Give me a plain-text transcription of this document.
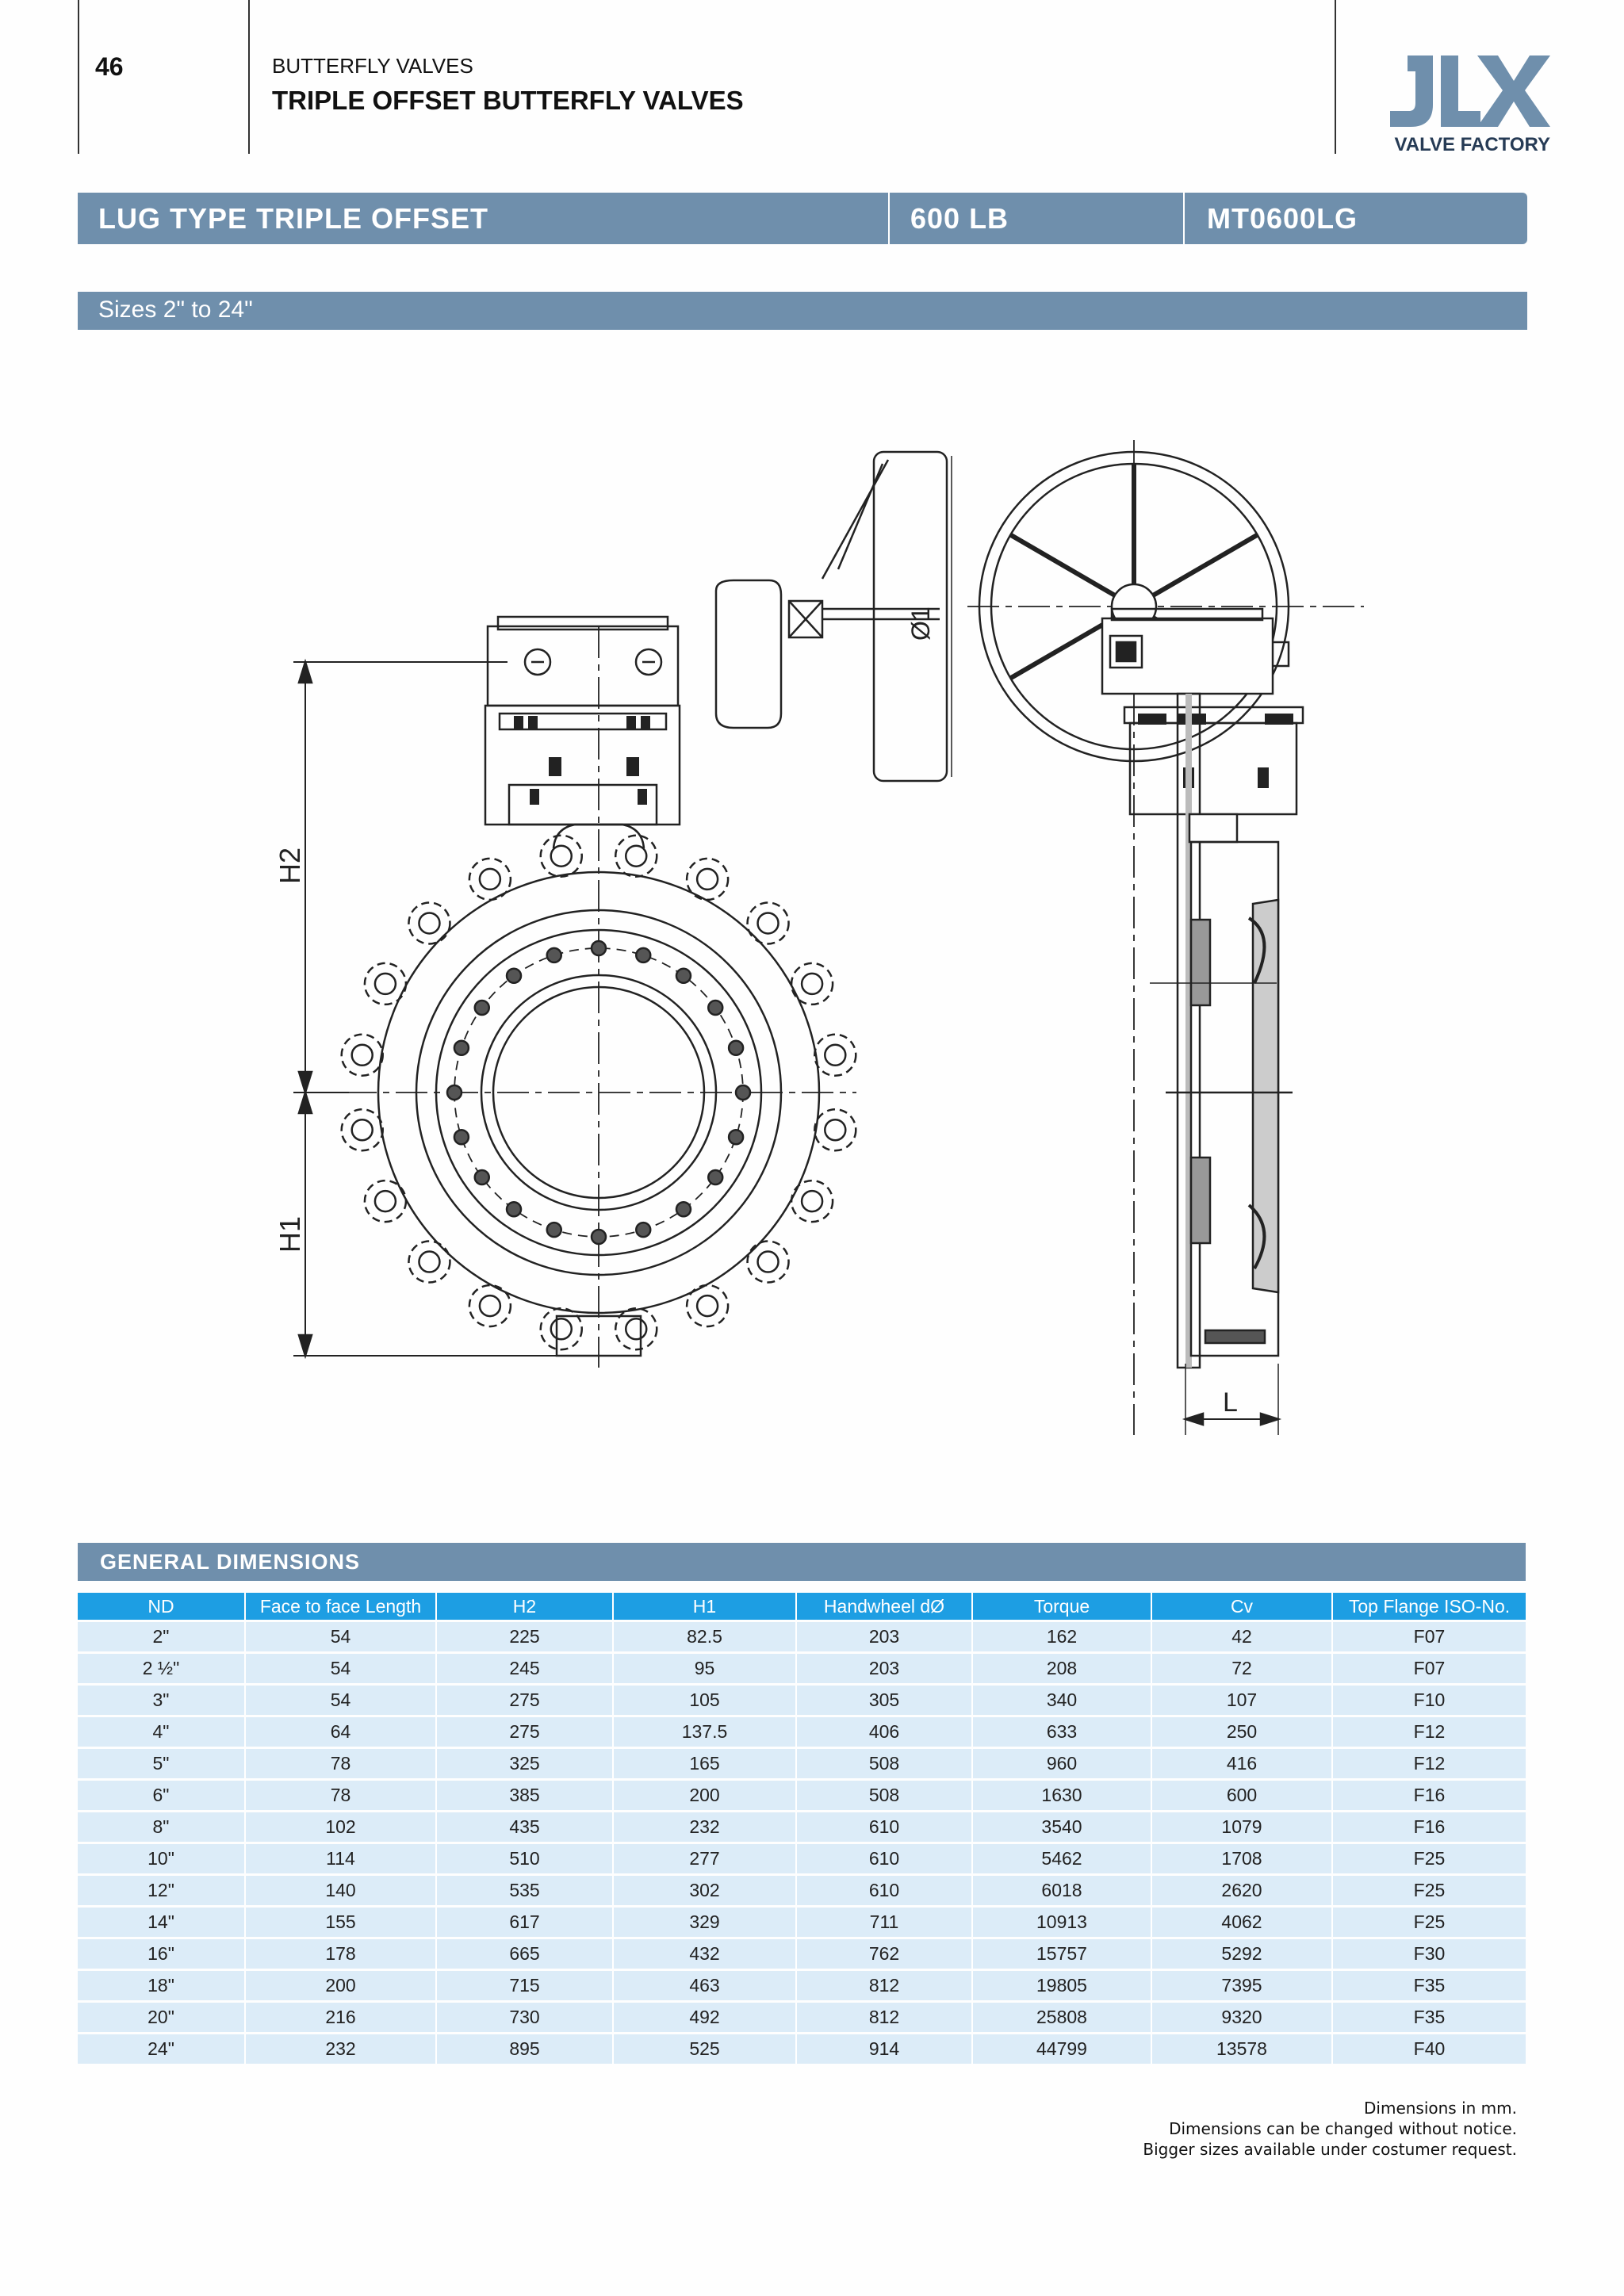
46	BUTTERFLY VALVES
TRIPLE OFFSET BUTTERFLY VALVES
VALVE FACTORY
LUG TYPE TRIPLE OFFSET	600 LB	MT0600LG
Sizes 2" to 24"
H2
H1
Ø1
L
GENERAL DIMENSIONS
ND	Face to face Length	H2	H1	Handwheel dØ	Torque	Cv	Top Flange ISO-No.
2"	54	225	82.5	203	162	42	F07
2 ½"	54	245	95	203	208	72	F07
3"	54	275	105	305	340	107	F10
4"	64	275	137.5	406	633	250	F12
5"	78	325	165	508	960	416	F12
6"	78	385	200	508	1630	600	F16
8"	102	435	232	610	3540	1079	F16
10"	114	510	277	610	5462	1708	F25
12"	140	535	302	610	6018	2620	F25
14"	155	617	329	711	10913	4062	F25
16"	178	665	432	762	15757	5292	F30
18"	200	715	463	812	19805	7395	F35
20"	216	730	492	812	25808	9320	F35
24"	232	895	525	914	44799	13578	F40
Dimensions in mm.
Dimensions can be changed without notice.
Bigger sizes available under costumer request.
